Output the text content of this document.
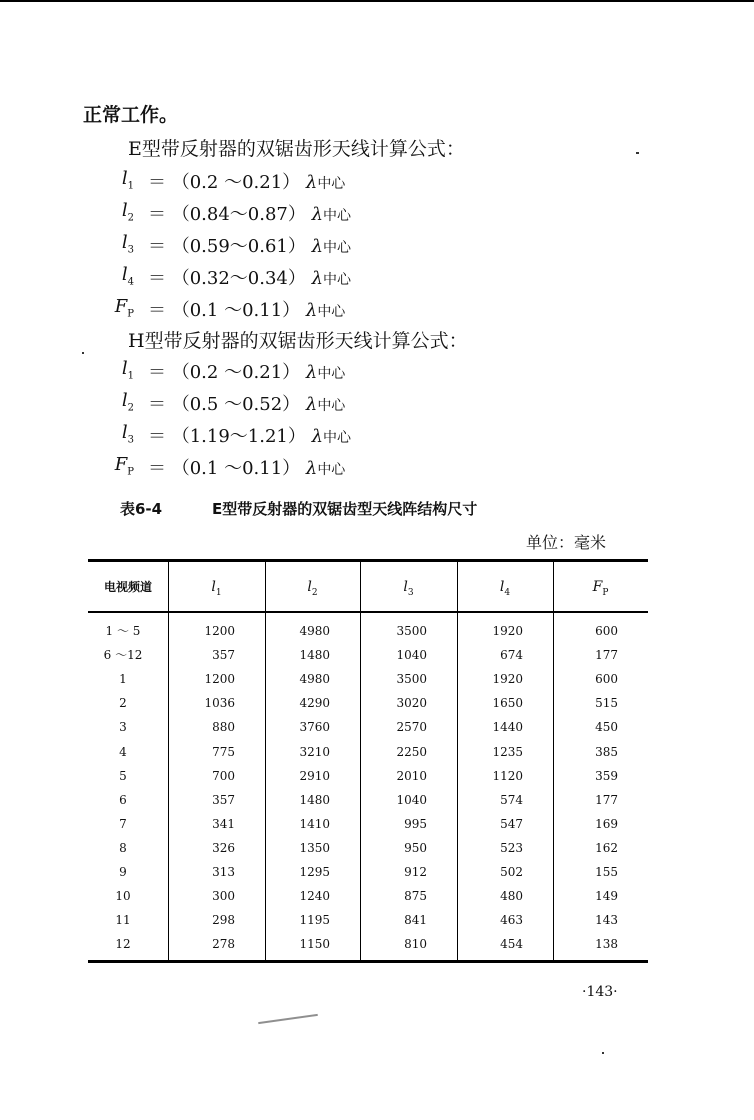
正常工作。
E型带反射器的双锯齿形天线计算公式：
$l_1 = (0.2$ ～0.21） λ中心
$l_2$ ＝ （0.84～0.87） λ中心
$l_3$ ＝ （0.59～0.61） λ中心
$l_4$ ＝ （0.32～0.34） λ中心
$F_P = (0.1$ ～0.11） λ中心
H型带反射器的双锯齿形天线计算公式：
$l_1 = (0.2$ ～0.21） λ中心
$l_2 = (0.5$ ～0.52） λ中心
$l_3$ ＝ （1.19～1.21） λ中心
$F_P = (0.1$ ～0.11） λ中心
表6-4	E型带反射器的双锯齿型天线阵结构尺寸
单位：毫米
电视频道	$l_1$	$l_2$	$l_3$	$l_4$	$F_P$
1 ～ 5	1200	4980	3500	1920	600
6 ～12	357	1480	1040	674	177
1	1200	4980	3500	1920	600
2	1036	4290	3020	1650	515
3	880	3760	2570	1440	450
4	775	3210	2250	1235	385
5	700	2910	2010	1120	359
6	357	1480	1040	574	177
7	341	1410	995	547	169
8	326	1350	950	523	162
9	313	1295	912	502	155
10	300	1240	875	480	149
11	298	1195	841	463	143
12	278	1150	810	454	138
·143·
